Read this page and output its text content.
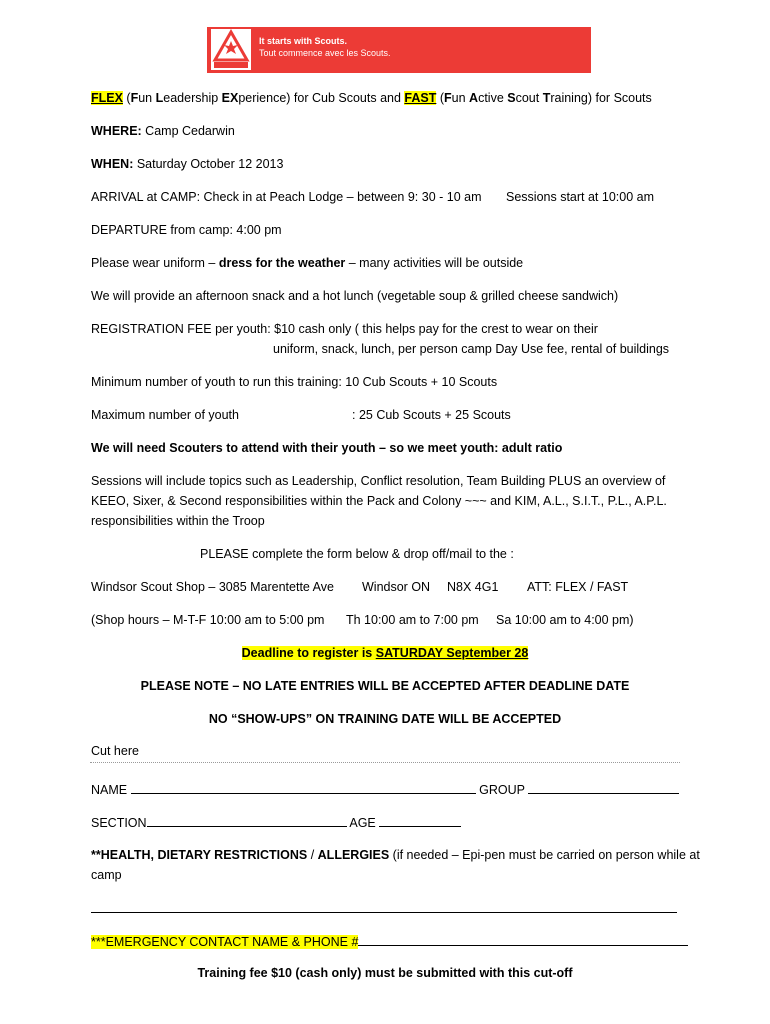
It starts with Scouts.
Tout commence avec les Scouts.
FLEX (Fun Leadership EXperience) for Cub Scouts and FAST (Fun Active Scout Training) for Scouts
WHERE: Camp Cedarwin
WHEN: Saturday October 12 2013
ARRIVAL at CAMP: Check in at Peach Lodge – between 9: 30 - 10 am Sessions start at 10:00 am
DEPARTURE from camp: 4:00 pm
Please wear uniform – dress for the weather – many activities will be outside
We will provide an afternoon snack and a hot lunch (vegetable soup & grilled cheese sandwich)
REGISTRATION FEE per youth: $10 cash only ( this helps pay for the crest to wear on their
uniform, snack, lunch, per person camp Day Use fee, rental of buildings
Minimum number of youth to run this training: 10 Cub Scouts + 10 Scouts
Maximum number of youth	: 25 Cub Scouts + 25 Scouts
We will need Scouters to attend with their youth – so we meet youth: adult ratio
Sessions will include topics such as Leadership, Conflict resolution, Team Building PLUS an overview of
KEEO, Sixer, & Second responsibilities within the Pack and Colony ~~~ and KIM, A.L., S.I.T., P.L., A.P.L.
responsibilities within the Troop
PLEASE complete the form below & drop off/mail to the :
Windsor Scout Shop – 3085 Marentette Ave Windsor ON N8X 4G1 ATT: FLEX / FAST
(Shop hours – M-T-F 10:00 am to 5:00 pm Th 10:00 am to 7:00 pm Sa 10:00 am to 4:00 pm)
Deadline to register is SATURDAY September 28
PLEASE NOTE – NO LATE ENTRIES WILL BE ACCEPTED AFTER DEADLINE DATE
NO “SHOW-UPS” ON TRAINING DATE WILL BE ACCEPTED
Cut here
NAME	GROUP
SECTION	AGE
**HEALTH, DIETARY RESTRICTIONS / ALLERGIES (if needed – Epi-pen must be carried on person while at
camp
***EMERGENCY CONTACT NAME & PHONE #
Training fee $10 (cash only) must be submitted with this cut-off
